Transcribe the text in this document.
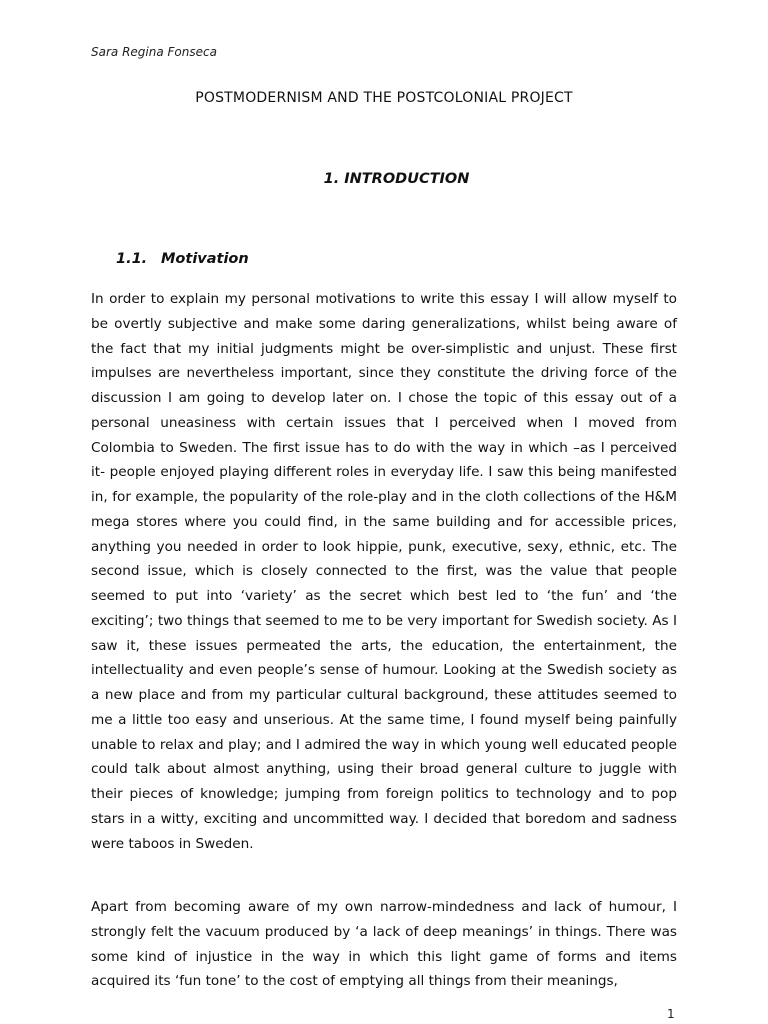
Sara Regina Fonseca
POSTMODERNISM AND THE POSTCOLONIAL PROJECT
1. INTRODUCTION
1.1. Motivation

In order to explain my personal motivations to write this essay I will allow myself to be overtly subjective and make some daring generalizations, whilst being aware of the fact that my initial judgments might be over-simplistic and unjust. These first impulses are nevertheless important, since they constitute the driving force of the discussion I am going to develop later on. I chose the topic of this essay out of a personal uneasiness with certain issues that I perceived when I moved from Colombia to Sweden. The first issue has to do with the way in which –as I perceived it- people enjoyed playing different roles in everyday life. I saw this being manifested in, for example, the popularity of the role-play and in the cloth collections of the H&M mega stores where you could find, in the same building and for accessible prices, anything you needed in order to look hippie, punk, executive, sexy, ethnic, etc. The second issue, which is closely connected to the first, was the value that people seemed to put into ‘variety’ as the secret which best led to ‘the fun’ and ‘the exciting’; two things that seemed to me to be very important for Swedish society. As I saw it, these issues permeated the arts, the education, the entertainment, the intellectuality and even people’s sense of humour. Looking at the Swedish society as a new place and from my particular cultural background, these attitudes seemed to me a little too easy and unserious. At the same time, I found myself being painfully unable to relax and play; and I admired the way in which young well educated people could talk about almost anything, using their broad general culture to juggle with their pieces of knowledge; jumping from foreign politics to technology and to pop stars in a witty, exciting and uncommitted way. I decided that boredom and sadness were taboos in Sweden.

Apart from becoming aware of my own narrow-mindedness and lack of humour, I strongly felt the vacuum produced by ‘a lack of deep meanings’ in things. There was some kind of injustice in the way in which this light game of forms and items acquired its ‘fun tone’ to the cost of emptying all things from their meanings,

1
